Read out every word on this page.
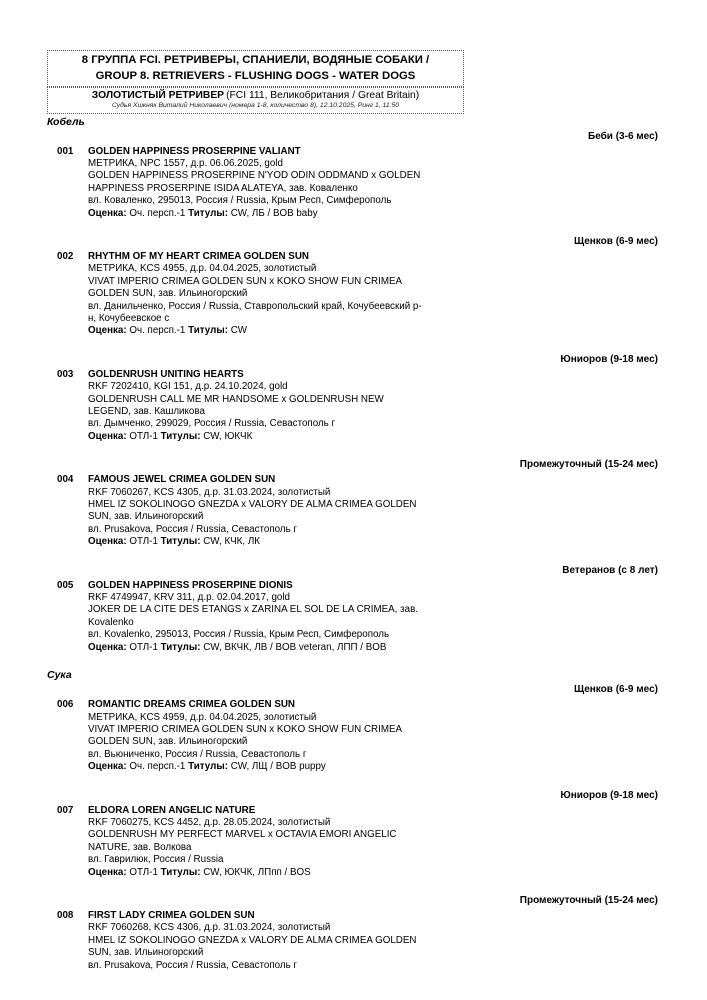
8 ГРУППА FCI. РЕТРИВЕРЫ, СПАНИЕЛИ, ВОДЯНЫЕ СОБАКИ /
GROUP 8. RETRIEVERS - FLUSHING DOGS - WATER DOGS
ЗОЛОТИСТЫЙ РЕТРИВЕР (FCI 111, Великобритания / Great Britain)
Судья Хижняк Виталий Николаевич (номера 1-8, количество 8), 12.10.2025, Ринг 1, 11:50
Кобель
Беби (3-6 мес)
001	GOLDEN HAPPINESS PROSERPINE VALIANT
МЕТРИКА, NPC 1557, д.р. 06.06.2025, gold
GOLDEN HAPPINESS PROSERPINE N'YOD ODIN ODDMAND x GOLDEN
HAPPINESS PROSERPINE ISIDA ALATEYA, зав. Коваленко
вл. Коваленко, 295013, Россия / Russia, Крым Респ, Симферополь
Оценка: Оч. персп.-1 Титулы: CW, ЛБ / BOB baby
Щенков (6-9 мес)
002	RHYTHM OF MY HEART CRIMEA GOLDEN SUN
МЕТРИКА, KCS 4955, д.р. 04.04.2025, золотистый
VIVAT IMPERIO CRIMEA GOLDEN SUN x KOKO SHOW FUN CRIMEA
GOLDEN SUN, зав. Ильиногорский
вл. Данильченко, Россия / Russia, Ставропольский край, Кочубеевский р-
н, Кочубеевское с
Оценка: Оч. персп.-1 Титулы: CW
Юниоров (9-18 мес)
003	GOLDENRUSH UNITING HEARTS
RKF 7202410, KGI 151, д.р. 24.10.2024, gold
GOLDENRUSH CALL ME MR HANDSOME x GOLDENRUSH NEW
LEGEND, зав. Кашликова
вл. Дымченко, 299029, Россия / Russia, Севастополь г
Оценка: ОТЛ-1 Титулы: CW, ЮКЧК
Промежуточный (15-24 мес)
004	FAMOUS JEWEL CRIMEA GOLDEN SUN
RKF 7060267, KCS 4305, д.р. 31.03.2024, золотистый
HMEL IZ SOKOLINOGO GNEZDA x VALORY DE ALMA CRIMEA GOLDEN
SUN, зав. Ильиногорский
вл. Prusakova, Россия / Russia, Севастополь г
Оценка: ОТЛ-1 Титулы: CW, КЧК, ЛК
Ветеранов (с 8 лет)
005	GOLDEN HAPPINESS PROSERPINE DIONIS
RKF 4749947, KRV 311, д.р. 02.04.2017, gold
JOKER DE LA CITE DES ETANGS x ZARINA EL SOL DE LA CRIMEA, зав.
Kovalenko
вл. Kovalenko, 295013, Россия / Russia, Крым Респ, Симферополь
Оценка: ОТЛ-1 Титулы: CW, ВКЧК, ЛВ / BOB veteran, ЛПП / BOB
Сука
Щенков (6-9 мес)
006	ROMANTIC DREAMS CRIMEA GOLDEN SUN
МЕТРИКА, KCS 4959, д.р. 04.04.2025, золотистый
VIVAT IMPERIO CRIMEA GOLDEN SUN x KOKO SHOW FUN CRIMEA
GOLDEN SUN, зав. Ильиногорский
вл. Вьюниченко, Россия / Russia, Севастополь г
Оценка: Оч. персп.-1 Титулы: CW, ЛЩ / BOB puppy
Юниоров (9-18 мес)
007	ELDORA LOREN ANGELIC NATURE
RKF 7060275, KCS 4452, д.р. 28.05.2024, золотистый
GOLDENRUSH MY PERFECT MARVEL x OCTAVIA EMORI ANGELIC
NATURE, зав. Волкова
вл. Гаврилюк, Россия / Russia
Оценка: ОТЛ-1 Титулы: CW, ЮКЧК, ЛПпп / BOS
Промежуточный (15-24 мес)
008	FIRST LADY CRIMEA GOLDEN SUN
RKF 7060268, KCS 4306, д.р. 31.03.2024, золотистый
HMEL IZ SOKOLINOGO GNEZDA x VALORY DE ALMA CRIMEA GOLDEN
SUN, зав. Ильиногорский
вл. Prusakova, Россия / Russia, Севастополь г
